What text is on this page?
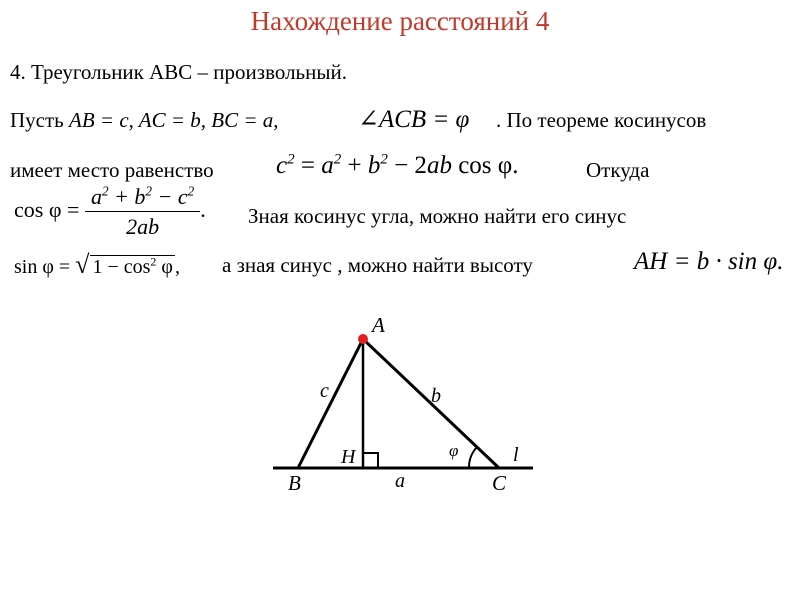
Нахождение расстояний 4
4. Треугольник ABC – произвольный.
Пусть AB = c, AC = b, BC = a,	∠ACB = φ . По теореме косинусов
имеет место равенство $c^2 = a^2 + b^2 - 2ab$ cos φ.	Откуда
$\cos \varphi = \frac{a^2 + b^2 - c^2}{2ab}$ . Зная косинус угла, можно найти его синус
sin φ = √ $1 - \cos^2 \varphi$ , а зная синус , можно найти высоту	AH = b · sin φ.
A
B	C
H
a
b
c
l
φ
